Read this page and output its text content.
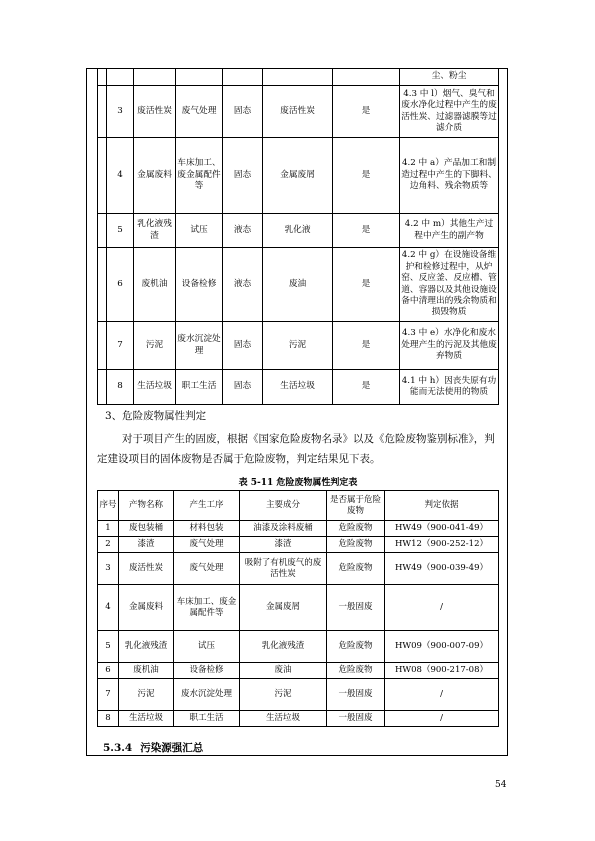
							尘、粉尘
	3	废活性炭	废气处理	固态	废活性炭	是	4.3 中 l）烟气、臭气和废水净化过程中产生的废活性炭、过滤器滤膜等过滤介质
	4	金属废料	车床加工、废金属配件等	固态	金属废屑	是	4.2 中 a）产品加工和制造过程中产生的下脚料、边角料、残余物质等
	5	乳化液残渣	试压	液态	乳化液	是	4.2 中 m）其他生产过程中产生的副产物
	6	废机油	设备检修	液态	废油	是	4.2 中 g）在设施设备维护和检修过程中，从炉窑、反应釜、反应槽、管道、容器以及其他设施设备中清理出的残余物质和损毁物质
	7	污泥	废水沉淀处理	固态	污泥	是	4.3 中 e）水净化和废水处理产生的污泥及其他废弃物质
	8	生活垃圾	职工生活	固态	生活垃圾	是	4.1 中 h）因丧失原有功能而无法使用的物质
3、危险废物属性判定
对于项目产生的固废，根据《国家危险废物名录》以及《危险废物鉴别标准》，判定建设项目的固体废物是否属于危险废物，判定结果见下表。
表 5-11 危险废物属性判定表
序号	产物名称	产生工序	主要成分	是否属于危险废物	判定依据
1	废包装桶	材料包装	油漆及涂料废桶	危险废物	HW49（900-041-49）
2	漆渣	废气处理	漆渣	危险废物	HW12（900-252-12）
3	废活性炭	废气处理	吸附了有机废气的废活性炭	危险废物	HW49（900-039-49）
4	金属废料	车床加工、废金属配件等	金属废屑	一般固废	/
5	乳化液残渣	试压	乳化液残渣	危险废物	HW09（900-007-09）
6	废机油	设备检修	废油	危险废物	HW08（900-217-08）
7	污泥	废水沉淀处理	污泥	一般固废	/
8	生活垃圾	职工生活	生活垃圾	一般固废	/
5.3.4 污染源强汇总
54
